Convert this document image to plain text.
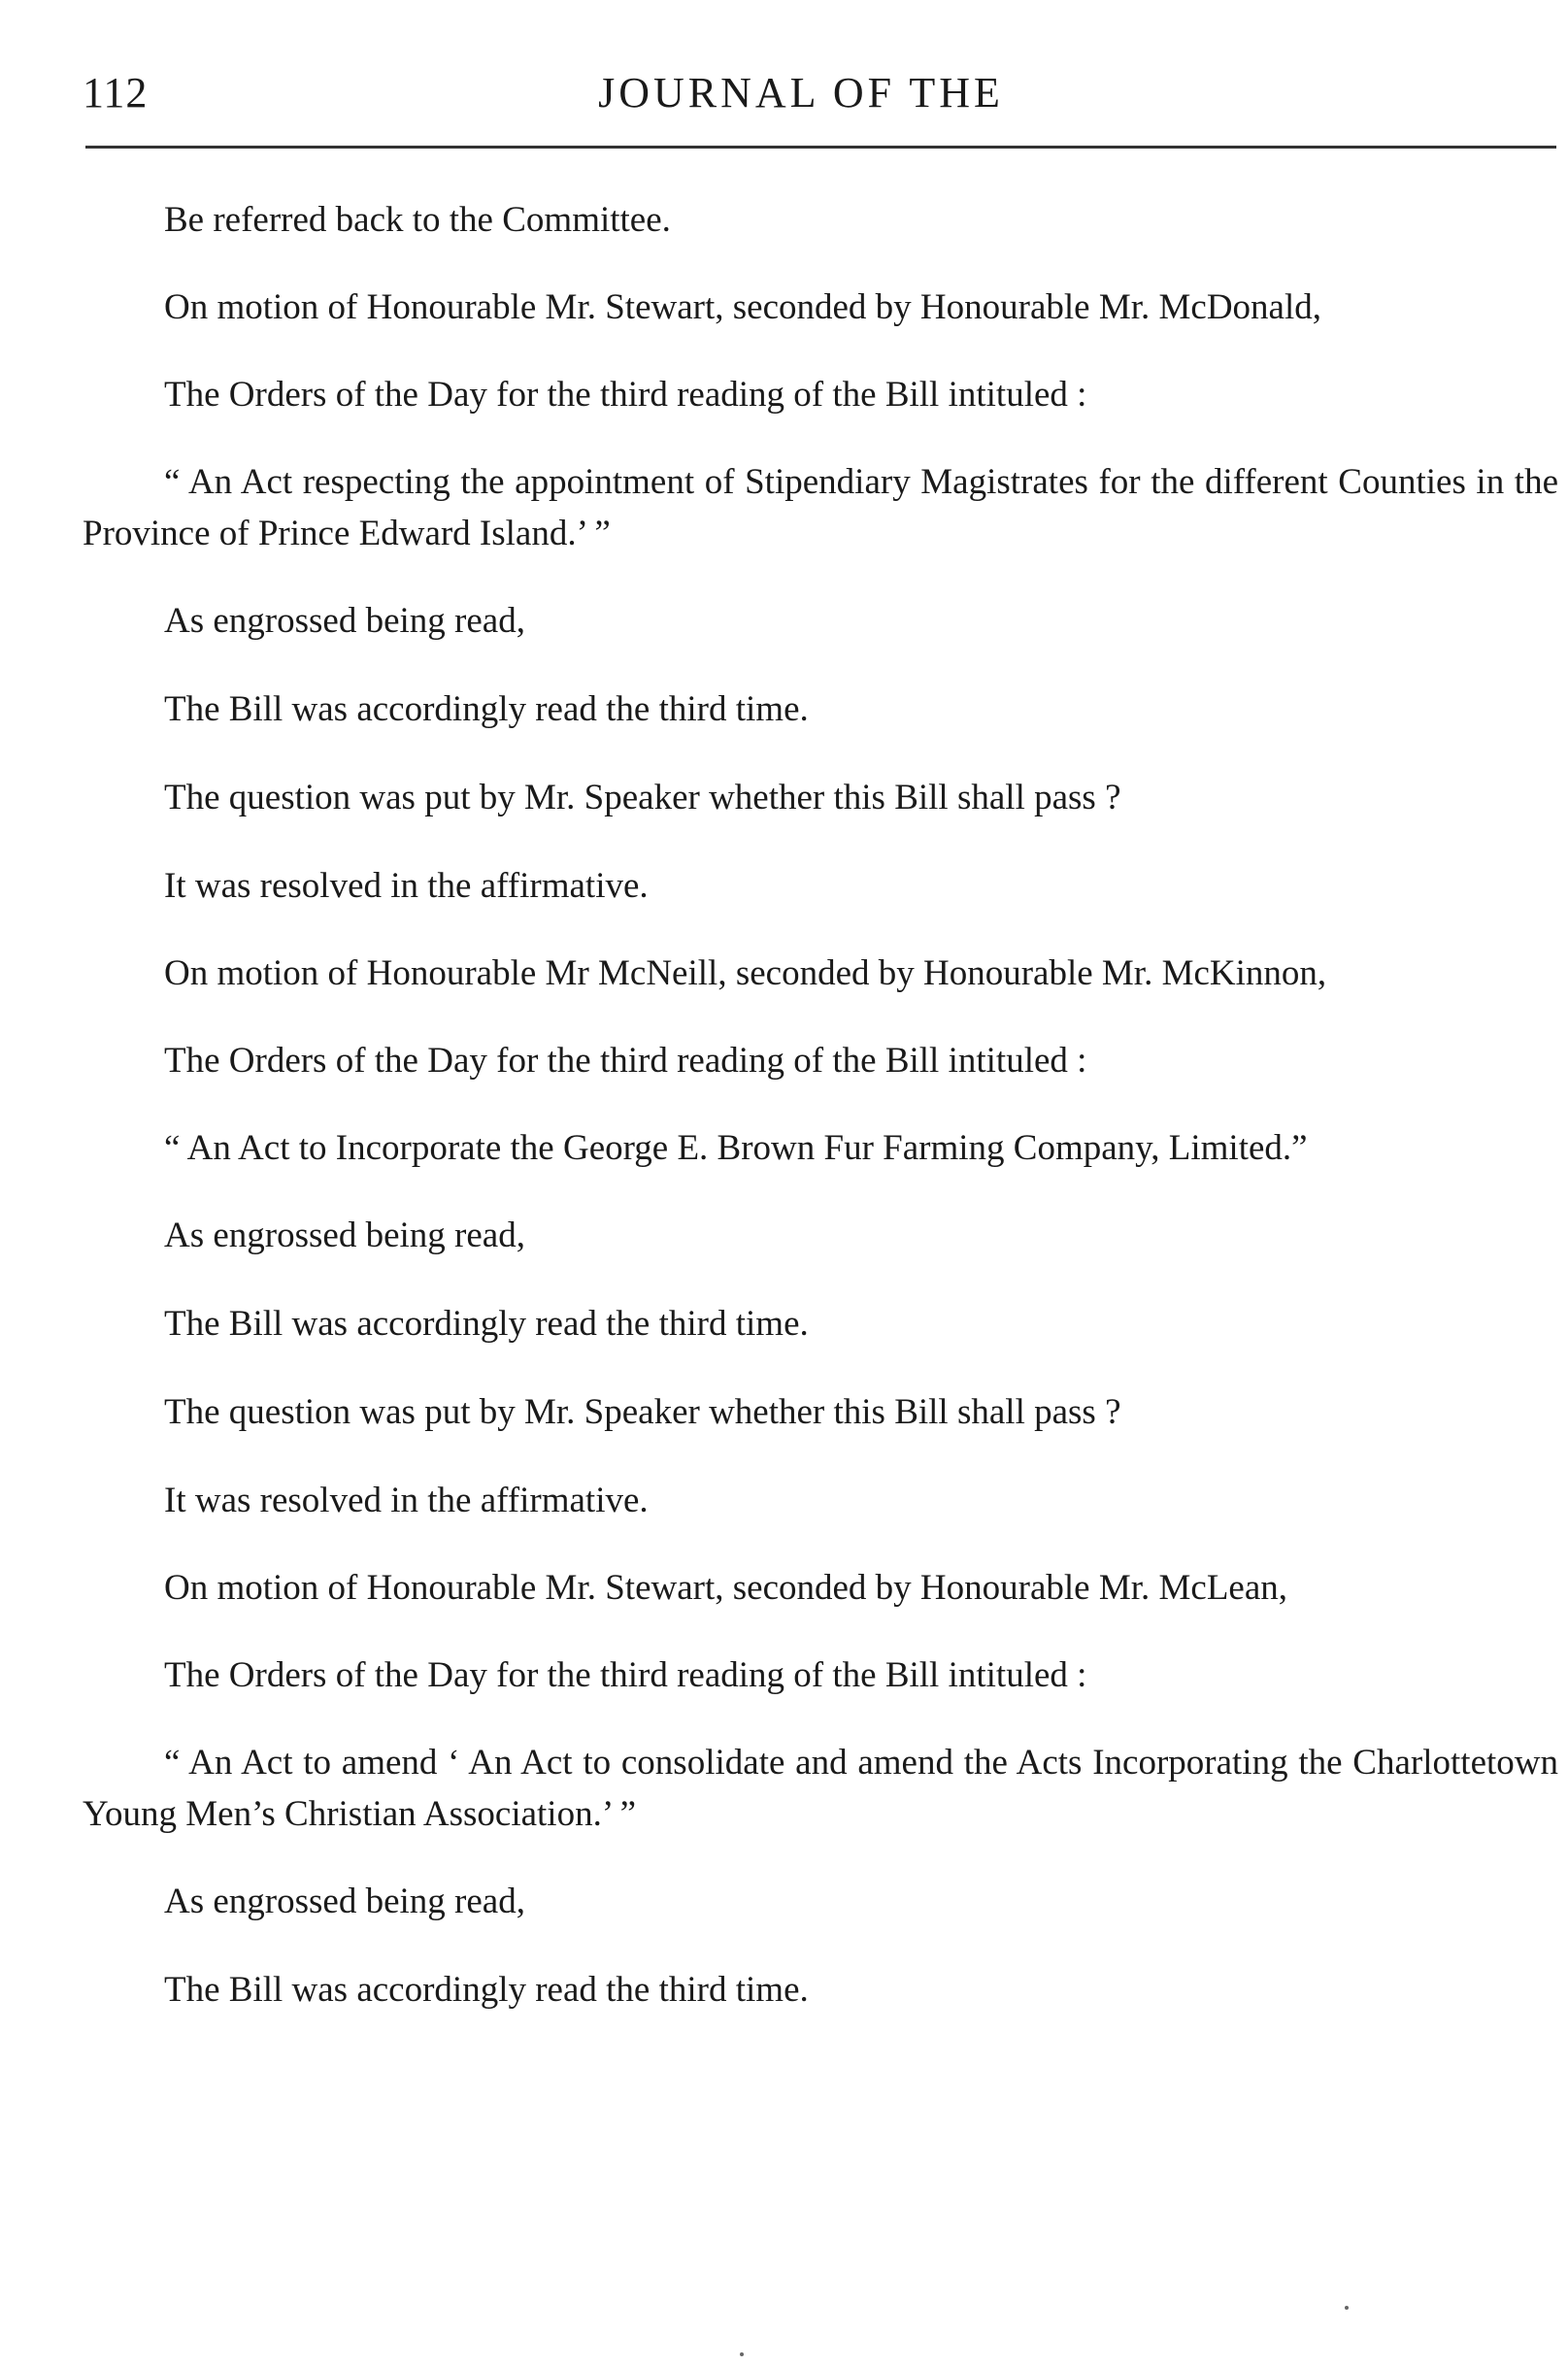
112	JOURNAL OF THE

Be referred back to the Committee.

On motion of Honourable Mr. Stewart, seconded by Honourable Mr. McDonald,

The Orders of the Day for the third reading of the Bill intituled :

“ An Act respecting the appointment of Stipendiary Magistrates for the different Counties in the Province of Prince Edward Island.’ ”

As engrossed being read,

The Bill was accordingly read the third time.

The question was put by Mr. Speaker whether this Bill shall pass ?

It was resolved in the affirmative.

On motion of Honourable Mr McNeill, seconded by Honourable Mr. McKinnon,

The Orders of the Day for the third reading of the Bill intituled :

“ An Act to Incorporate the George E. Brown Fur Farming Company, Limited.”

As engrossed being read,

The Bill was accordingly read the third time.

The question was put by Mr. Speaker whether this Bill shall pass ?

It was resolved in the affirmative.

On motion of Honourable Mr. Stewart, seconded by Honourable Mr. McLean,

The Orders of the Day for the third reading of the Bill intituled :

“ An Act to amend ‘ An Act to consolidate and amend the Acts Incorporating the Charlottetown Young Men’s Christian Association.’ ”

As engrossed being read,

The Bill was accordingly read the third time.
